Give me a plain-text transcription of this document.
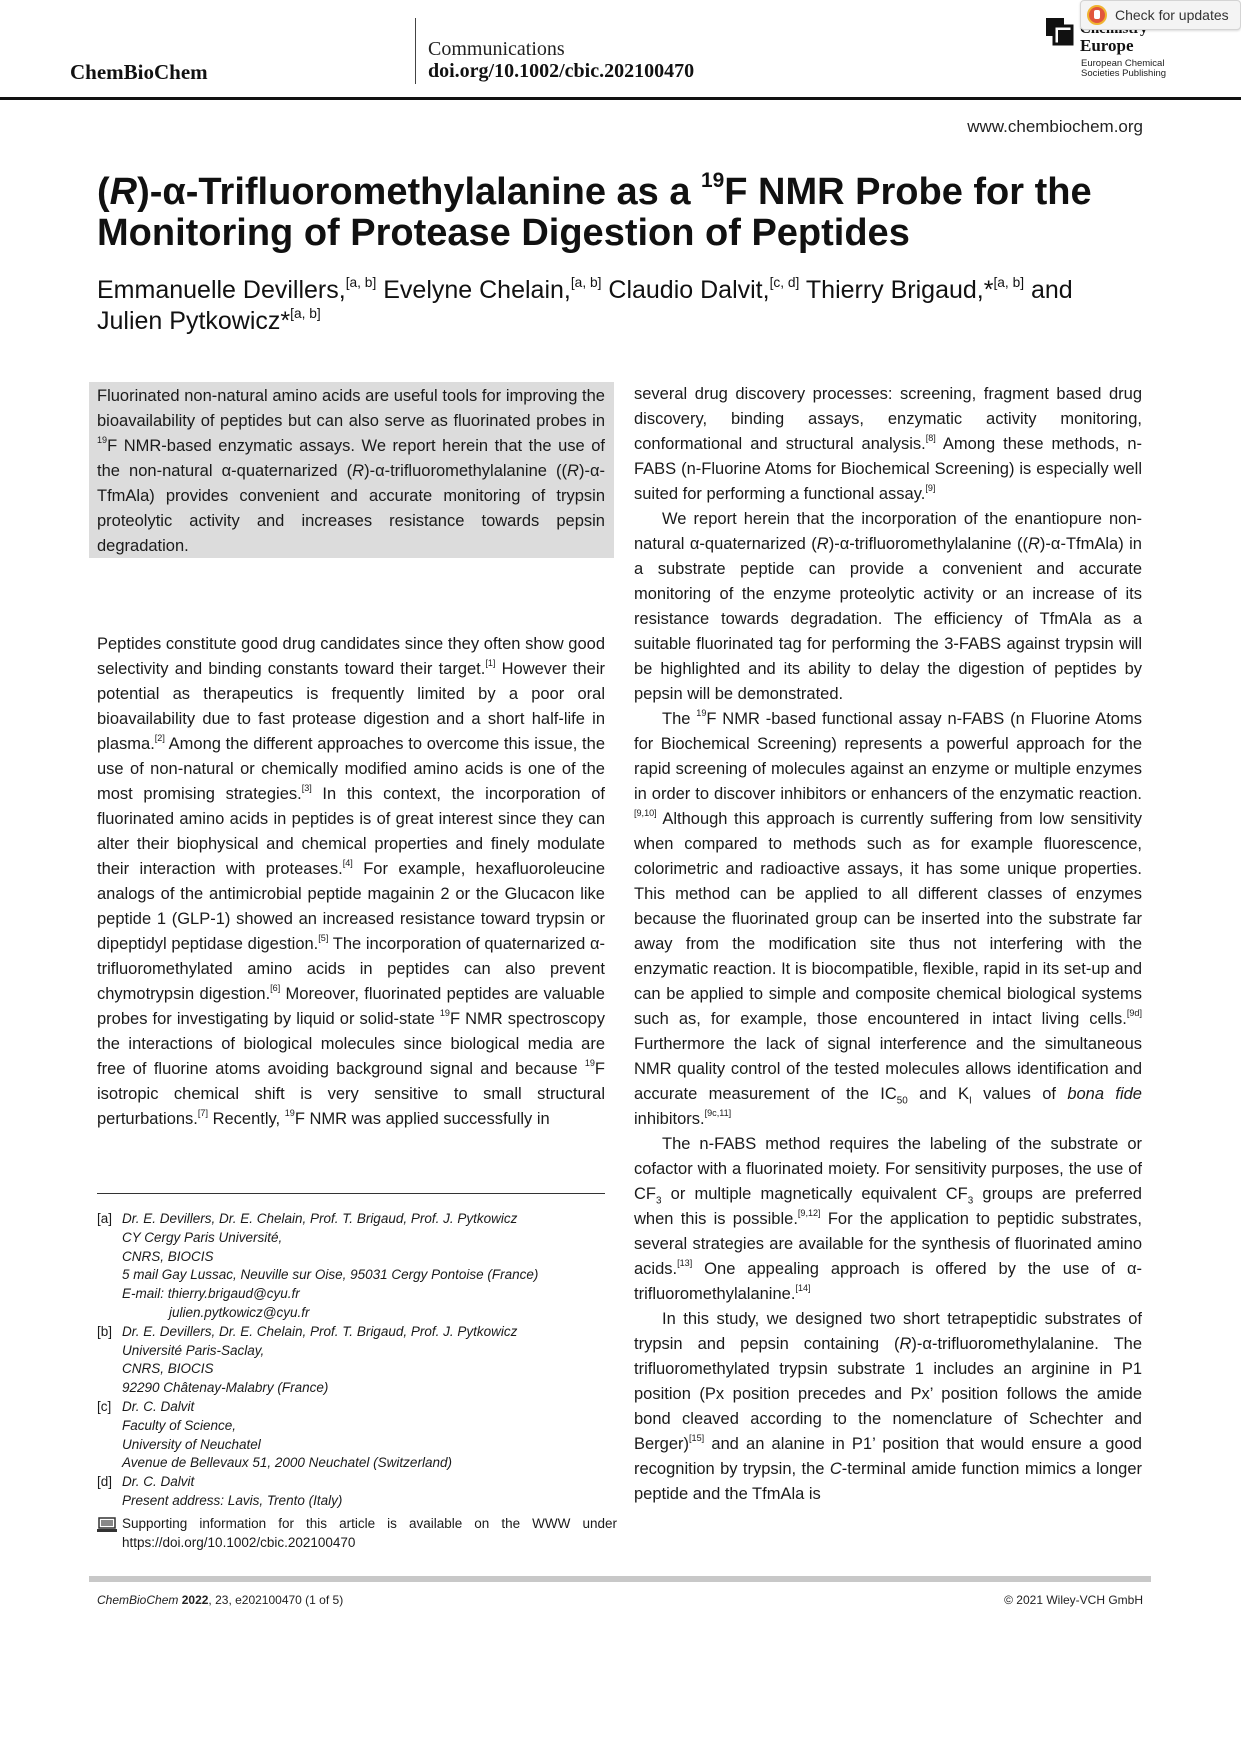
ChemBioChem
Communications
doi.org/10.1002/cbic.202100470
Europe
European Chemical Societies Publishing
Check for updates
www.chembiochem.org
(R)-α-Trifluoromethylalanine as a $^{19}$F NMR Probe for the Monitoring of Protease Digestion of Peptides
Emmanuelle Devillers,[a, b] Evelyne Chelain,[a, b] Claudio Dalvit,[c, d] Thierry Brigaud,*[a, b] and
Julien Pytkowicz*[a, b]

Fluorinated non-natural amino acids are useful tools for improving the bioavailability of peptides but can also serve as fluorinated probes in $^{19}$F NMR-based enzymatic assays. We report herein that the use of the non-natural α-quaternarized (R)-α-trifluoromethylalanine ((R)-α-TfmAla) provides convenient and accurate monitoring of trypsin proteolytic activity and increases resistance towards pepsin degradation.

Peptides constitute good drug candidates since they often show good selectivity and binding constants toward their target.[1] However their potential as therapeutics is frequently limited by a poor oral bioavailability due to fast protease digestion and a short half-life in plasma.[2] Among the different approaches to overcome this issue, the use of non-natural or chemically modified amino acids is one of the most promising strategies.[3] In this context, the incorporation of fluorinated amino acids in peptides is of great interest since they can alter their biophysical and chemical properties and finely modulate their interaction with proteases.[4] For example, hexafluoroleucine analogs of the antimicrobial peptide magainin 2 or the Glucacon like peptide 1 (GLP-1) showed an increased resistance toward trypsin or dipeptidyl peptidase digestion.[5] The incorporation of quaternarized α-trifluoromethylated amino acids in peptides can also prevent chymotrypsin digestion.[6] Moreover, fluorinated peptides are valuable probes for investigating by liquid or solid-state $^{19}$F NMR spectroscopy the interactions of biological molecules since biological media are free of fluorine atoms avoiding background signal and because $^{19}$F isotropic chemical shift is very sensitive to small structural perturbations.[7] Recently, $^{19}$F NMR was applied successfully in

several drug discovery processes: screening, fragment based drug discovery, binding assays, enzymatic activity monitoring, conformational and structural analysis.[8] Among these methods, n-FABS (n-Fluorine Atoms for Biochemical Screening) is especially well suited for performing a functional assay.[9]

We report herein that the incorporation of the enantiopure non-natural α-quaternarized (R)-α-trifluoromethylalanine ((R)-α-TfmAla) in a substrate peptide can provide a convenient and accurate monitoring of the enzyme proteolytic activity or an increase of its resistance towards degradation. The efficiency of TfmAla as a suitable fluorinated tag for performing the 3-FABS against trypsin will be highlighted and its ability to delay the digestion of peptides by pepsin will be demonstrated.

The $^{19}$F NMR -based functional assay n-FABS (n Fluorine Atoms for Biochemical Screening) represents a powerful approach for the rapid screening of molecules against an enzyme or multiple enzymes in order to discover inhibitors or enhancers of the enzymatic reaction.[9,10] Although this approach is currently suffering from low sensitivity when compared to methods such as for example fluorescence, colorimetric and radioactive assays, it has some unique properties. This method can be applied to all different classes of enzymes because the fluorinated group can be inserted into the substrate far away from the modification site thus not interfering with the enzymatic reaction. It is biocompatible, flexible, rapid in its set-up and can be applied to simple and composite chemical biological systems such as, for example, those encountered in intact living cells.[9d] Furthermore the lack of signal interference and the simultaneous NMR quality control of the tested molecules allows identification and accurate measurement of the $IC_{50}$ and $K_I$ values of bona fide inhibitors.[9c,11]

The n-FABS method requires the labeling of the substrate or cofactor with a fluorinated moiety. For sensitivity purposes, the use of $CF_3$ or multiple magnetically equivalent $CF_3$ groups are preferred when this is possible.[9,12] For the application to peptidic substrates, several strategies are available for the synthesis of fluorinated amino acids.[13] One appealing approach is offered by the use of α-trifluoromethylalanine.[14]

In this study, we designed two short tetrapeptidic substrates of trypsin and pepsin containing (R)-α-trifluoromethylalanine. The trifluoromethylated trypsin substrate 1 includes an arginine in P1 position (Px position precedes and Px’ position follows the amide bond cleaved according to the nomenclature of Schechter and Berger)[15] and an alanine in P1’ position that would ensure a good recognition by trypsin, the C-terminal amide function mimics a longer peptide and the TfmAla is

[a] Dr. E. Devillers, Dr. E. Chelain, Prof. T. Brigaud, Prof. J. Pytkowicz
CY Cergy Paris Université,
CNRS, BIOCIS
5 mail Gay Lussac, Neuville sur Oise, 95031 Cergy Pontoise (France)
E-mail: thierry.brigaud@cyu.fr
julien.pytkowicz@cyu.fr
[b] Dr. E. Devillers, Dr. E. Chelain, Prof. T. Brigaud, Prof. J. Pytkowicz
Université Paris-Saclay,
CNRS, BIOCIS
92290 Châtenay-Malabry (France)
[c] Dr. C. Dalvit
Faculty of Science,
University of Neuchatel
Avenue de Bellevaux 51, 2000 Neuchatel (Switzerland)
[d] Dr. C. Dalvit
Present address: Lavis, Trento (Italy)
Supporting information for this article is available on the WWW under https://doi.org/10.1002/cbic.202100470
ChemBioChem 2022, 23, e202100470 (1 of 5)	© 2021 Wiley-VCH GmbH
